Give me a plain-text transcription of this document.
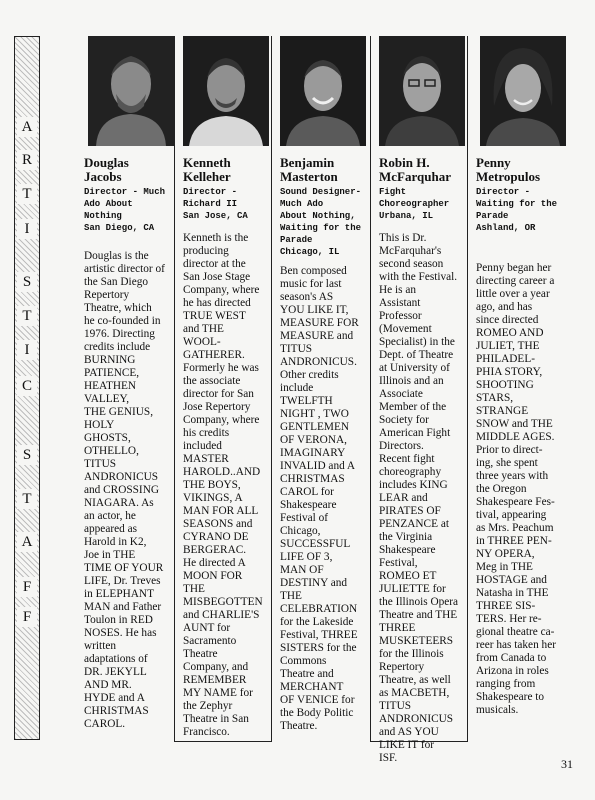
A
R
T
I
S
T
I
C
S
T
A
F
F
Douglas
Jacobs
Director - Much
Ado About
Nothing
San Diego, CA
Douglas is the
artistic director of
the San Diego
Repertory
Theatre, which
he co-founded in
1976. Directing
credits include
BURNING
PATIENCE,
HEATHEN
VALLEY,
THE GENIUS,
HOLY
GHOSTS,
OTHELLO,
TITUS
ANDRONICUS
and CROSSING
NIAGARA. As
an actor, he
appeared as
Harold in K2,
Joe in THE
TIME OF YOUR
LIFE, Dr. Treves
in ELEPHANT
MAN and Father
Toulon in RED
NOSES. He has
written
adaptations of
DR. JEKYLL
AND MR.
HYDE and A
CHRISTMAS
CAROL.
Kenneth
Kelleher
Director -
Richard II
San Jose, CA
Kenneth is the
producing
director at the
San Jose Stage
Company, where
he has directed
TRUE WEST
and THE
WOOL-
GATHERER.
Formerly he was
the associate
director for San
Jose Repertory
Company, where
his credits
included
MASTER
HAROLD..AND
THE BOYS,
VIKINGS, A
MAN FOR ALL
SEASONS and
CYRANO DE
BERGERAC.
He directed A
MOON FOR
THE
MISBEGOTTEN
and CHARLIE'S
AUNT for
Sacramento
Theatre
Company, and
REMEMBER
MY NAME for
the Zephyr
Theatre in San
Francisco.
Benjamin
Masterton
Sound Designer-
Much Ado
About Nothing,
Waiting for the
Parade
Chicago, IL
Ben composed
music for last
season's AS
YOU LIKE IT,
MEASURE FOR
MEASURE and
TITUS
ANDRONICUS.
Other credits
include
TWELFTH
NIGHT , TWO
GENTLEMEN
OF VERONA,
IMAGINARY
INVALID and A
CHRISTMAS
CAROL for
Shakespeare
Festival of
Chicago,
SUCCESSFUL
LIFE OF 3,
MAN OF
DESTINY and
THE
CELEBRATION
for the Lakeside
Festival, THREE
SISTERS for the
Commons
Theatre and
MERCHANT
OF VENICE for
the Body Politic
Theatre.
Robin H.
McFarquhar
Fight
Choreographer
Urbana, IL
This is Dr.
McFarquhar's
second season
with the Festival.
He is an
Assistant
Professor
(Movement
Specialist) in the
Dept. of Theatre
at University of
Illinois and an
Associate
Member of the
Society for
American Fight
Directors.
Recent fight
choreography
includes KING
LEAR and
PIRATES OF
PENZANCE at
the Virginia
Shakespeare
Festival,
ROMEO ET
JULIETTE for
the Illinois Opera
Theatre and THE
THREE
MUSKETEERS
for the Illinois
Repertory
Theatre, as well
as MACBETH,
TITUS
ANDRONICUS
and AS YOU
LIKE IT for
ISF.
Penny
Metropulos
Director -
Waiting for the
Parade
Ashland, OR
Penny began her
directing career a
little over a year
ago, and has
since directed
ROMEO AND
JULIET, THE
PHILADEL-
PHIA STORY,
SHOOTING
STARS,
STRANGE
SNOW and THE
MIDDLE AGES.
Prior to direct-
ing, she spent
three years with
the Oregon
Shakespeare Fes-
tival, appearing
as Mrs. Peachum
in THREE PEN-
NY OPERA,
Meg in THE
HOSTAGE and
Natasha in THE
THREE SIS-
TERS. Her re-
gional theatre ca-
reer has taken her
from Canada to
Arizona in roles
ranging from
Shakespeare to
musicals.
31
